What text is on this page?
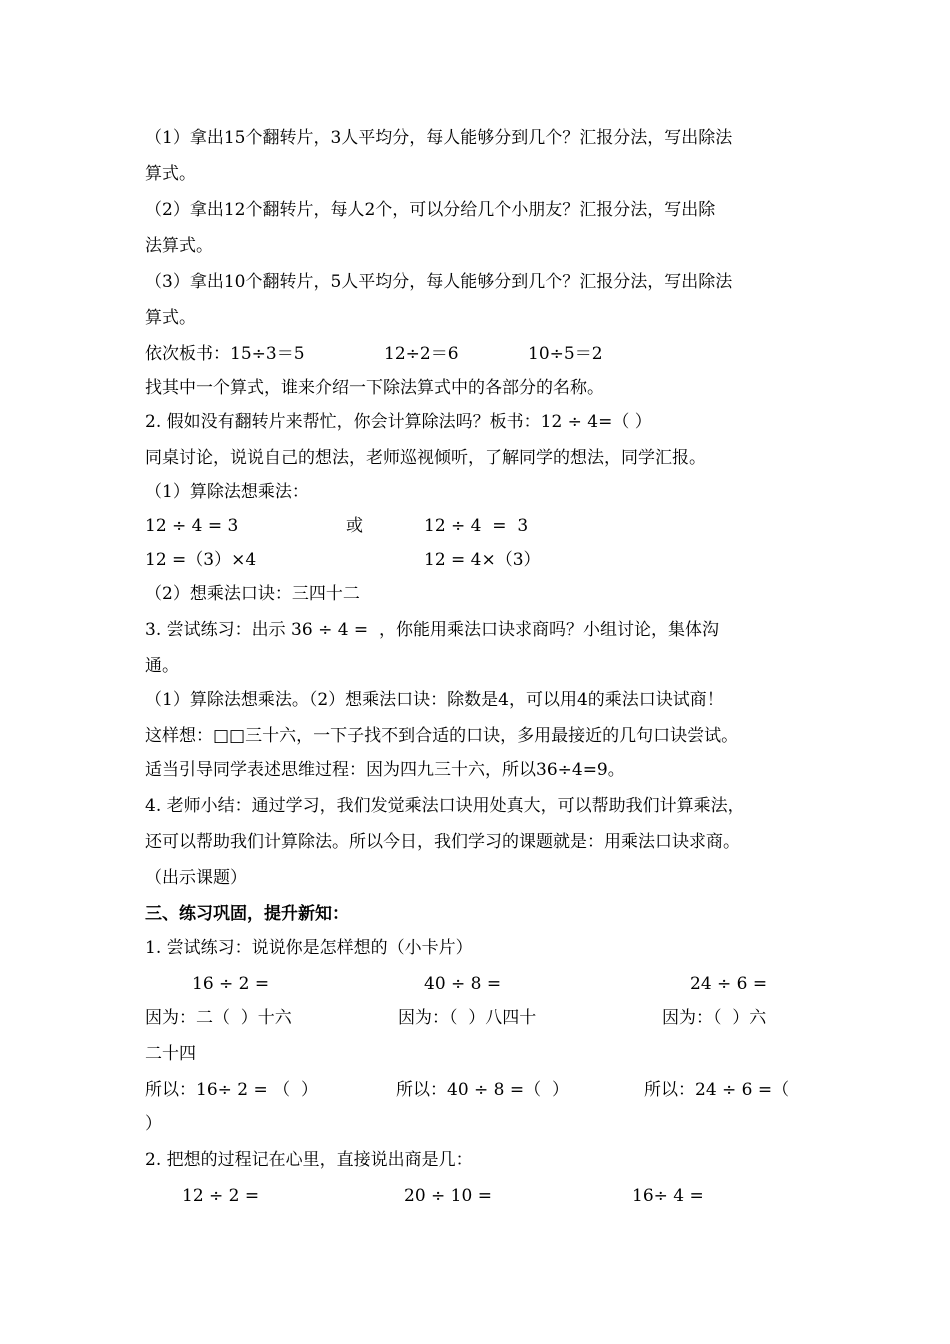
（1）拿出15个翻转片，3人平均分，每人能够分到几个？汇报分法，写出除法
算式。
（2）拿出12个翻转片，每人2个，可以分给几个小朋友？汇报分法，写出除
法算式。
（3）拿出10个翻转片，5人平均分，每人能够分到几个？汇报分法，写出除法
算式。
依次板书：15÷3＝5	12÷2＝6	10÷5＝2
找其中一个算式，谁来介绍一下除法算式中的各部分的名称。
2. 假如没有翻转片来帮忙，你会计算除法吗？板书：12 ÷ 4=（ ）
同桌讨论，说说自己的想法，老师巡视倾听，了解同学的想法，同学汇报。
（1）算除法想乘法：
12 ÷ 4 = 3	或	12 ÷ 4  =  3
12 =（3）×4	12 = 4×（3）
（2）想乘法口诀：三四十二
3. 尝试练习：出示 36 ÷ 4 =  ，你能用乘法口诀求商吗？小组讨论，集体沟
通。
（1）算除法想乘法。（2）想乘法口诀：除数是4，可以用4的乘法口诀试商！
这样想：□□三十六，一下子找不到合适的口诀，多用最接近的几句口诀尝试。
适当引导同学表述思维过程：因为四九三十六，所以36÷4=9。
4. 老师小结：通过学习，我们发觉乘法口诀用处真大，可以帮助我们计算乘法，
还可以帮助我们计算除法。所以今日，我们学习的课题就是：用乘法口诀求商。
（出示课题）
三、练习巩固，提升新知：
1. 尝试练习：说说你是怎样想的（小卡片）
16 ÷ 2 =	40 ÷ 8 =	24 ÷ 6 =
因为：二（  ）十六	因为：（  ）八四十	因为：（  ）六
二十四
所以：16÷ 2 = （  ）	所以：40 ÷ 8 =（  ）	所以：24 ÷ 6 =（
）
2. 把想的过程记在心里，直接说出商是几：
12 ÷ 2 =	20 ÷ 10 =	16÷ 4 =
